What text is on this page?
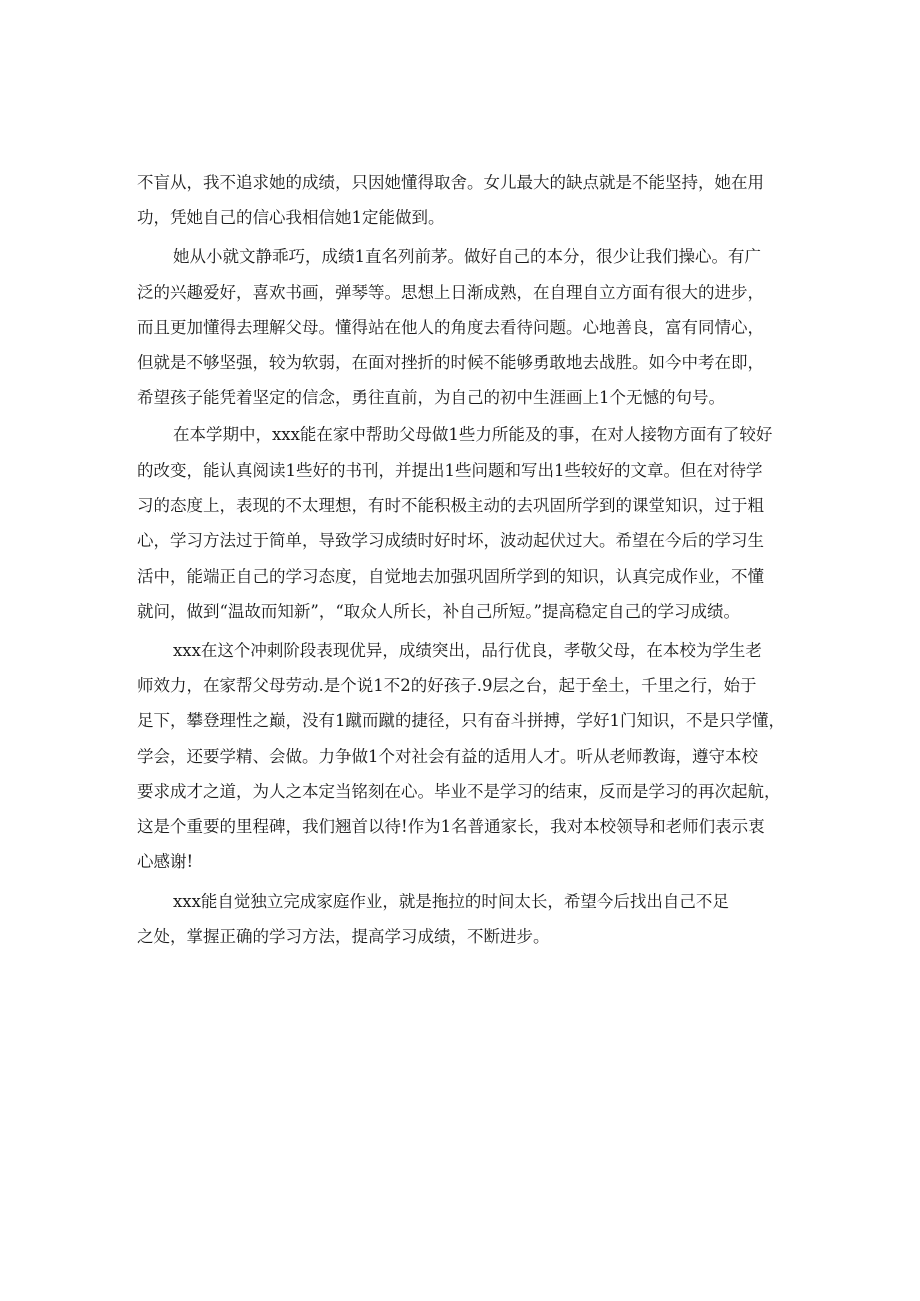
不盲从，我不追求她的成绩，只因她懂得取舍。女儿最大的缺点就是不能坚持，她在用
功，凭她自己的信心我相信她1定能做到。
她从小就文静乖巧，成绩1直名列前茅。做好自己的本分，很少让我们操心。有广
泛的兴趣爱好，喜欢书画，弹琴等。思想上日渐成熟，在自理自立方面有很大的进步，
而且更加懂得去理解父母。懂得站在他人的角度去看待问题。心地善良，富有同情心，
但就是不够坚强，较为软弱，在面对挫折的时候不能够勇敢地去战胜。如今中考在即，
希望孩子能凭着坚定的信念，勇往直前，为自己的初中生涯画上1个无憾的句号。
在本学期中，xxx能在家中帮助父母做1些力所能及的事，在对人接物方面有了较好
的改变，能认真阅读1些好的书刊，并提出1些问题和写出1些较好的文章。但在对待学
习的态度上，表现的不太理想，有时不能积极主动的去巩固所学到的课堂知识，过于粗
心，学习方法过于简单，导致学习成绩时好时坏，波动起伏过大。希望在今后的学习生
活中，能端正自己的学习态度，自觉地去加强巩固所学到的知识，认真完成作业，不懂
就问，做到“温故而知新”，“取众人所长，补自己所短。”提高稳定自己的学习成绩。
xxx在这个冲刺阶段表现优异，成绩突出，品行优良，孝敬父母，在本校为学生老
师效力，在家帮父母劳动.是个说1不2的好孩子.9层之台，起于垒土，千里之行，始于
足下，攀登理性之巅，没有1蹴而蹴的捷径，只有奋斗拼搏，学好1门知识，不是只学懂，
学会，还要学精、会做。力争做1个对社会有益的适用人才。听从老师教诲，遵守本校
要求成才之道，为人之本定当铭刻在心。毕业不是学习的结束，反而是学习的再次起航，
这是个重要的里程碑，我们翘首以待!作为1名普通家长，我对本校领导和老师们表示衷
心感谢!
xxx能自觉独立完成家庭作业，就是拖拉的时间太长，希望今后找出自己不足
之处，掌握正确的学习方法，提高学习成绩，不断进步。
